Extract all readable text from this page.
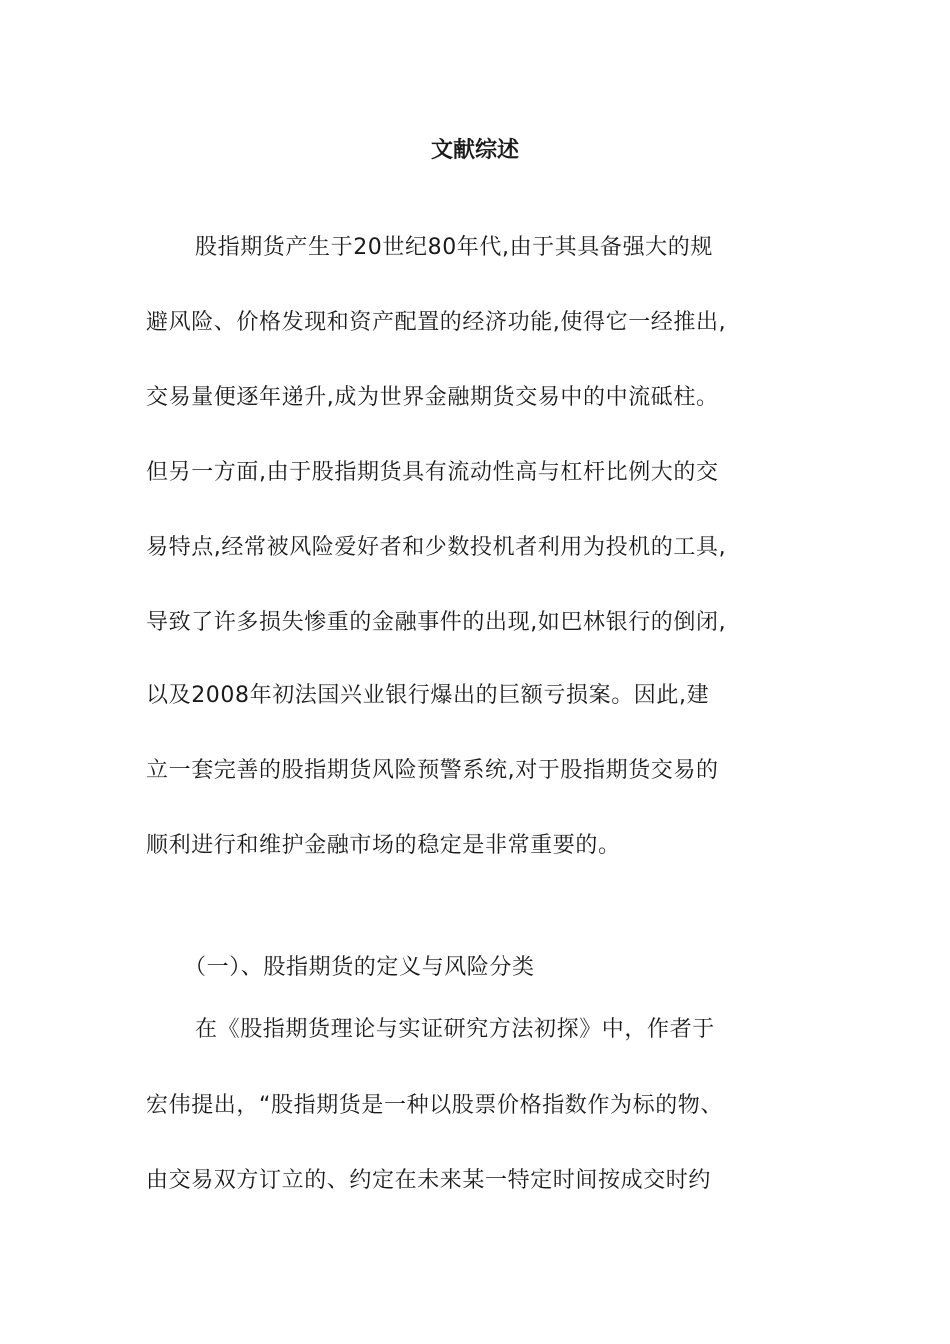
文献综述
股指期货产生于20世纪80年代,由于其具备强大的规
避风险、价格发现和资产配置的经济功能,使得它一经推出,
交易量便逐年递升,成为世界金融期货交易中的中流砥柱。
但另一方面,由于股指期货具有流动性高与杠杆比例大的交
易特点,经常被风险爱好者和少数投机者利用为投机的工具,
导致了许多损失惨重的金融事件的出现,如巴林银行的倒闭,
以及2008年初法国兴业银行爆出的巨额亏损案。因此,建
立一套完善的股指期货风险预警系统,对于股指期货交易的
顺利进行和维护金融市场的稳定是非常重要的。
（一）、股指期货的定义与风险分类
在《股指期货理论与实证研究方法初探》中，作者于
宏伟提出，“股指期货是一种以股票价格指数作为标的物、
由交易双方订立的、约定在未来某一特定时间按成交时约
